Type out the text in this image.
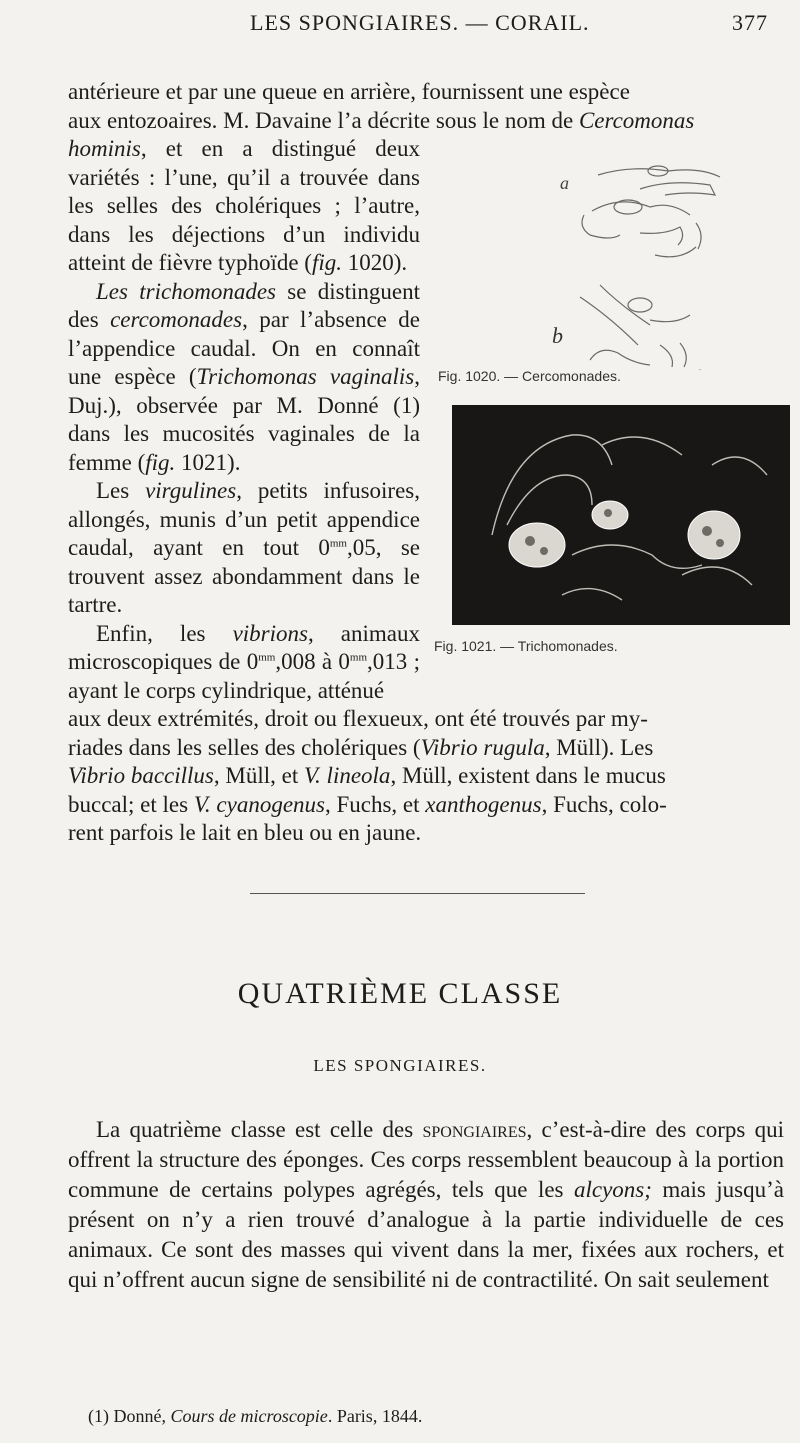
LES SPONGIAIRES. — CORAIL.	377

antérieure et par une queue en arrière, fournissent une espèce

aux entozoaires. M. Davaine l’a décrite sous le nom de Cercomonas

hominis, et en a distingué deux variétés : l’une, qu’il a trouvée dans les selles des cholériques ; l’autre, dans les déjections d’un individu atteint de fièvre typhoïde (fig. 1020).

Les trichomonades se distinguent des cercomonades, par l’absence de l’appendice caudal. On en connaît une espèce (Trichomonas vaginalis, Duj.), observée par M. Donné (1) dans les mucosités vaginales de la femme (fig. 1021).

Les virgulines, petits infusoires, allongés, munis d’un petit appendice caudal, ayant en tout $0^{mm},05$, se trouvent assez abondamment dans le tartre.

Enfin, les vibrions, animaux microscopiques de $0^{mm},008$ à $0^{mm},013$ ; ayant le corps cylindrique, atténué

aux deux extrémités, droit ou flexueux, ont été trouvés par my-

riades dans les selles des cholériques (Vibrio rugula, Müll). Les

Vibrio baccillus, Müll, et V. lineola, Müll, existent dans le mucus

buccal; et les V. cyanogenus, Fuchs, et xanthogenus, Fuchs, colo-

rent parfois le lait en bleu ou en jaune.

a
b
Fig. 1020. — Cercomonades.
Fig. 1021. — Trichomonades.
QUATRIÈME CLASSE
LES SPONGIAIRES.

La quatrième classe est celle des spongiaires, c’est-à-dire des corps qui offrent la structure des éponges. Ces corps ressemblent beaucoup à la portion commune de certains polypes agrégés, tels que les alcyons; mais jusqu’à présent on n’y a rien trouvé d’analogue à la partie individuelle de ces animaux. Ce sont des masses qui vivent dans la mer, fixées aux rochers, et qui n’offrent aucun signe de sensibilité ni de contractilité. On sait seulement

(1) Donné, Cours de microscopie. Paris, 1844.
